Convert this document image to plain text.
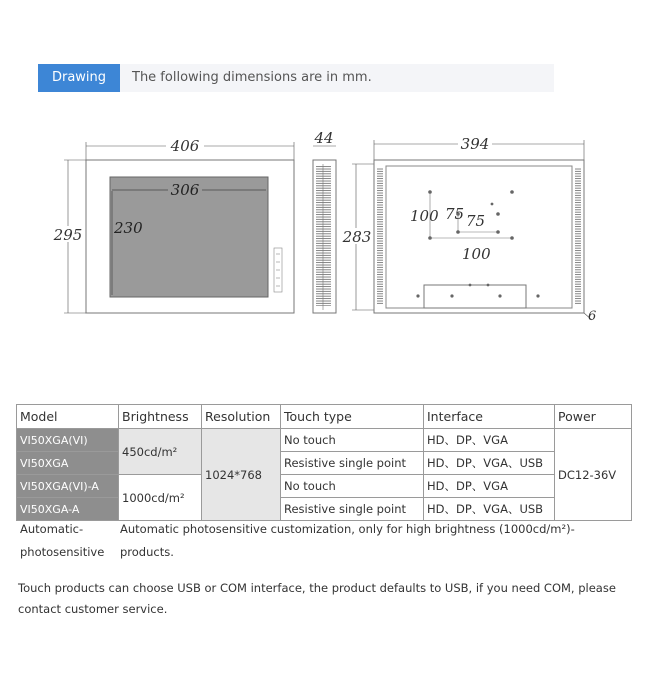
Drawing	The following dimensions are in mm.
406
295
306
230
44	394
283
100 75 75
100
6
Model	Brightness	Resolution	Touch type	Interface	Power
VI50XGA(VI)	450cd/m²	1024*768	No touch	HD、DP、VGA	DC12-36V
VI50XGA			Resistive single point	HD、DP、VGA、USB	
VI50XGA(VI)-A	1000cd/m²		No touch	HD、DP、VGA	
VI50XGA-A			Resistive single point	HD、DP、VGA、USB	
Automatic-
photosensitive
Automatic photosensitive customization, only for high brightness (1000cd/m²)-
products.
Touch products can choose USB or COM interface, the product defaults to USB, if you need COM, please contact customer service.
